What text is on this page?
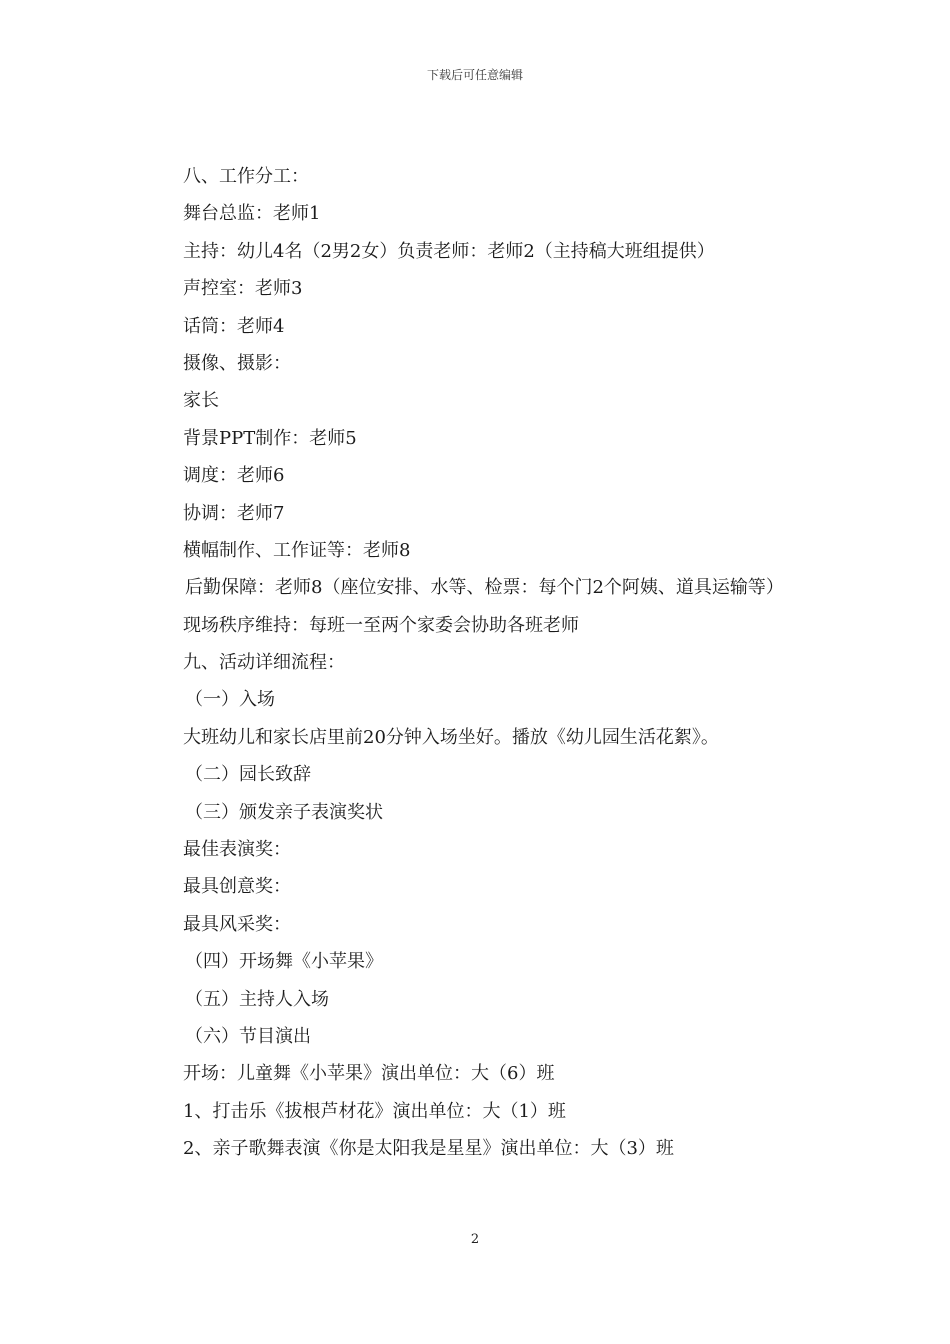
下载后可任意编辑
八、工作分工：
舞台总监：老师1
主持：幼儿4名（2男2女）负责老师：老师2（主持稿大班组提供）
声控室：老师3
话筒：老师4
摄像、摄影：
家长
背景PPT制作：老师5
调度：老师6
协调：老师7
横幅制作、工作证等：老师8
后勤保障：老师8（座位安排、水等、检票：每个门2个阿姨、道具运输等）
现场秩序维持：每班一至两个家委会协助各班老师
九、活动详细流程：
（一）入场
大班幼儿和家长店里前20分钟入场坐好。播放《幼儿园生活花絮》。
（二）园长致辞
（三）颁发亲子表演奖状
最佳表演奖：
最具创意奖：
最具风采奖：
（四）开场舞《小苹果》
（五）主持人入场
（六）节目演出
开场：儿童舞《小苹果》演出单位：大（6）班
1、打击乐《拔根芦材花》演出单位：大（1）班
2、亲子歌舞表演《你是太阳我是星星》演出单位：大（3）班
2
